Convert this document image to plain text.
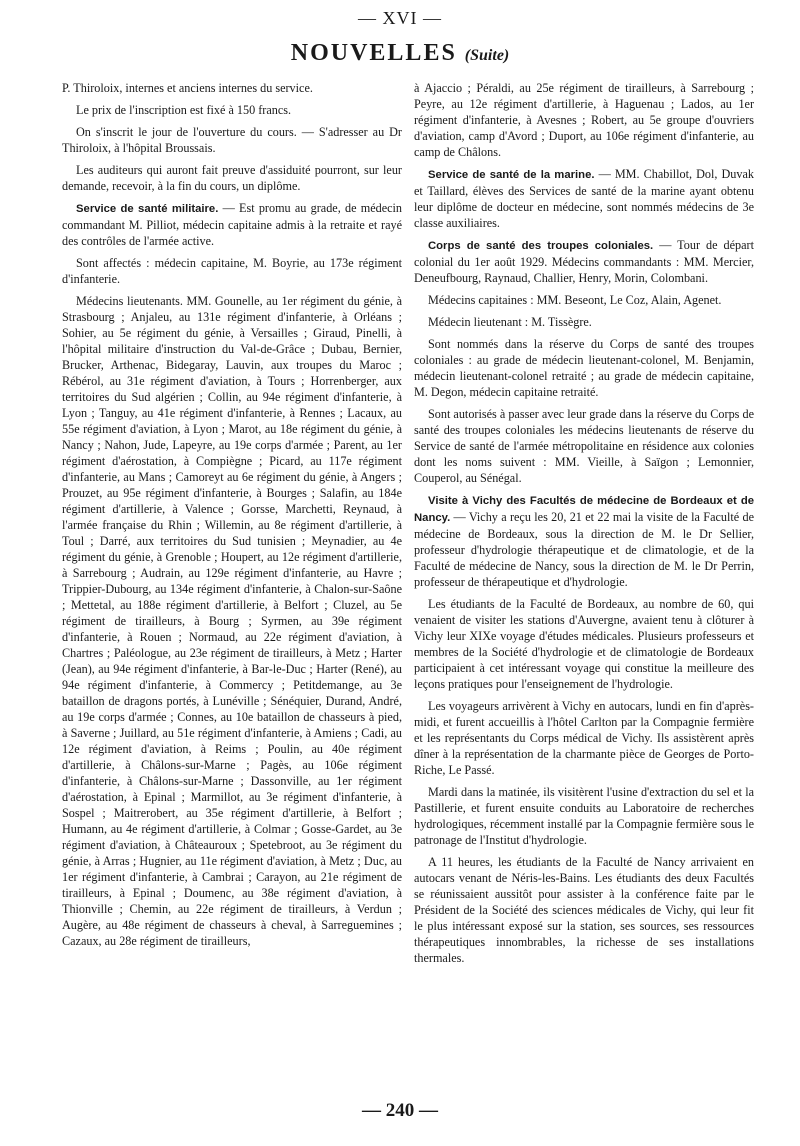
— XVI —
NOUVELLES (Suite)

P. Thiroloix, internes et anciens internes du service.

Le prix de l'inscription est fixé à 150 francs.

On s'inscrit le jour de l'ouverture du cours. — S'adresser au Dr Thiroloix, à l'hôpital Broussais.

Les auditeurs qui auront fait preuve d'assiduité pourront, sur leur demande, recevoir, à la fin du cours, un diplôme.

Service de santé militaire. — Est promu au grade, de médecin commandant M. Pilliot, médecin capitaine admis à la retraite et rayé des contrôles de l'armée active.

Sont affectés : médecin capitaine, M. Boyrie, au 173e régiment d'infanterie.

Médecins lieutenants. MM. Gounelle, au 1er régiment du génie, à Strasbourg ; Anjaleu, au 131e régiment d'infanterie, à Orléans ; Sohier, au 5e régiment du génie, à Versailles ; Giraud, Pinelli, à l'hôpital militaire d'instruction du Val-de-Grâce ; Dubau, Bernier, Brucker, Arthenac, Bidegaray, Lauvin, aux troupes du Maroc ; Rébérol, au 31e régiment d'aviation, à Tours ; Horrenberger, aux territoires du Sud algérien ; Collin, au 94e régiment d'infanterie, à Lyon ; Tanguy, au 41e régiment d'infanterie, à Rennes ; Lacaux, au 55e régiment d'aviation, à Lyon ; Marot, au 18e régiment du génie, à Nancy ; Nahon, Jude, Lapeyre, au 19e corps d'armée ; Parent, au 1er régiment d'aérostation, à Compiègne ; Picard, au 117e régiment d'infanterie, au Mans ; Camoreyt au 6e régiment du génie, à Angers ; Prouzet, au 95e régiment d'infanterie, à Bourges ; Salafin, au 184e régiment d'artillerie, à Valence ; Gorsse, Marchetti, Reynaud, à l'armée française du Rhin ; Willemin, au 8e régiment d'artillerie, à Toul ; Darré, aux territoires du Sud tunisien ; Meynadier, au 4e régiment du génie, à Grenoble ; Houpert, au 12e régiment d'artillerie, à Sarrebourg ; Audrain, au 129e régiment d'infanterie, au Havre ; Trippier-Dubourg, au 134e régiment d'infanterie, à Chalon-sur-Saône ; Mettetal, au 188e régiment d'artillerie, à Belfort ; Cluzel, au 5e régiment de tirailleurs, à Bourg ; Syrmen, au 39e régiment d'infanterie, à Rouen ; Normaud, au 22e régiment d'aviation, à Chartres ; Paléologue, au 23e régiment de tirailleurs, à Metz ; Harter (Jean), au 94e régiment d'infanterie, à Bar-le-Duc ; Harter (René), au 94e régiment d'infanterie, à Commercy ; Petitdemange, au 3e bataillon de dragons portés, à Lunéville ; Sénéquier, Durand, André, au 19e corps d'armée ; Connes, au 10e bataillon de chasseurs à pied, à Saverne ; Juillard, au 51e régiment d'infanterie, à Amiens ; Cadi, au 12e régiment d'aviation, à Reims ; Poulin, au 40e régiment d'artillerie, à Châlons-sur-Marne ; Pagès, au 106e régiment d'infanterie, à Châlons-sur-Marne ; Dassonville, au 1er régiment d'aérostation, à Epinal ; Marmillot, au 3e régiment d'infanterie, à Sospel ; Maitrerobert, au 35e régiment d'artillerie, à Belfort ; Humann, au 4e régiment d'artillerie, à Colmar ; Gosse-Gardet, au 3e régiment d'aviation, à Châteauroux ; Spetebroot, au 3e régiment du génie, à Arras ; Hugnier, au 11e régiment d'aviation, à Metz ; Duc, au 1er régiment d'infanterie, à Cambrai ; Carayon, au 21e régiment de tirailleurs, à Epinal ; Doumenc, au 38e régiment d'aviation, à Thionville ; Chemin, au 22e régiment de tirailleurs, à Verdun ; Augère, au 48e régiment de chasseurs à cheval, à Sarreguemines ; Cazaux, au 28e régiment de tirailleurs,

à Ajaccio ; Péraldi, au 25e régiment de tirailleurs, à Sarrebourg ; Peyre, au 12e régiment d'artillerie, à Haguenau ; Lados, au 1er régiment d'infanterie, à Avesnes ; Robert, au 5e groupe d'ouvriers d'aviation, camp d'Avord ; Duport, au 106e régiment d'infanterie, au camp de Châlons.

Service de santé de la marine. — MM. Chabillot, Dol, Duvak et Taillard, élèves des Services de santé de la marine ayant obtenu leur diplôme de docteur en médecine, sont nommés médecins de 3e classe auxiliaires.

Corps de santé des troupes coloniales. — Tour de départ colonial du 1er août 1929. Médecins commandants : MM. Mercier, Deneufbourg, Raynaud, Challier, Henry, Morin, Colombani.

Médecins capitaines : MM. Beseont, Le Coz, Alain, Agenet.

Médecin lieutenant : M. Tissègre.

Sont nommés dans la réserve du Corps de santé des troupes coloniales : au grade de médecin lieutenant-colonel, M. Benjamin, médecin lieutenant-colonel retraité ; au grade de médecin capitaine, M. Degon, médecin capitaine retraité.

Sont autorisés à passer avec leur grade dans la réserve du Corps de santé des troupes coloniales les médecins lieutenants de réserve du Service de santé de l'armée métropolitaine en résidence aux colonies dont les noms suivent : MM. Vieille, à Saïgon ; Lemonnier, Couperol, au Sénégal.

Visite à Vichy des Facultés de médecine de Bordeaux et de Nancy. — Vichy a reçu les 20, 21 et 22 mai la visite de la Faculté de médecine de Bordeaux, sous la direction de M. le Dr Sellier, professeur d'hydrologie thérapeutique et de climatologie, et de la Faculté de médecine de Nancy, sous la direction de M. le Dr Perrin, professeur de thérapeutique et d'hydrologie.

Les étudiants de la Faculté de Bordeaux, au nombre de 60, qui venaient de visiter les stations d'Auvergne, avaient tenu à clôturer à Vichy leur XIXe voyage d'études médicales. Plusieurs professeurs et membres de la Société d'hydrologie et de climatologie de Bordeaux participaient à cet intéressant voyage qui constitue la meilleure des leçons pratiques pour l'enseignement de l'hydrologie.

Les voyageurs arrivèrent à Vichy en autocars, lundi en fin d'après-midi, et furent accueillis à l'hôtel Carlton par la Compagnie fermière et les représentants du Corps médical de Vichy. Ils assistèrent après dîner à la représentation de la charmante pièce de Georges de Porto-Riche, Le Passé.

Mardi dans la matinée, ils visitèrent l'usine d'extraction du sel et la Pastillerie, et furent ensuite conduits au Laboratoire de recherches hydrologiques, récemment installé par la Compagnie fermière sous le patronage de l'Institut d'hydrologie.

A 11 heures, les étudiants de la Faculté de Nancy arrivaient en autocars venant de Néris-les-Bains. Les étudiants des deux Facultés se réunissaient aussitôt pour assister à la conférence faite par le Président de la Société des sciences médicales de Vichy, qui leur fit le plus intéressant exposé sur la station, ses sources, ses ressources thérapeutiques innombrables, la richesse de ses installations thermales.

— 240 —
